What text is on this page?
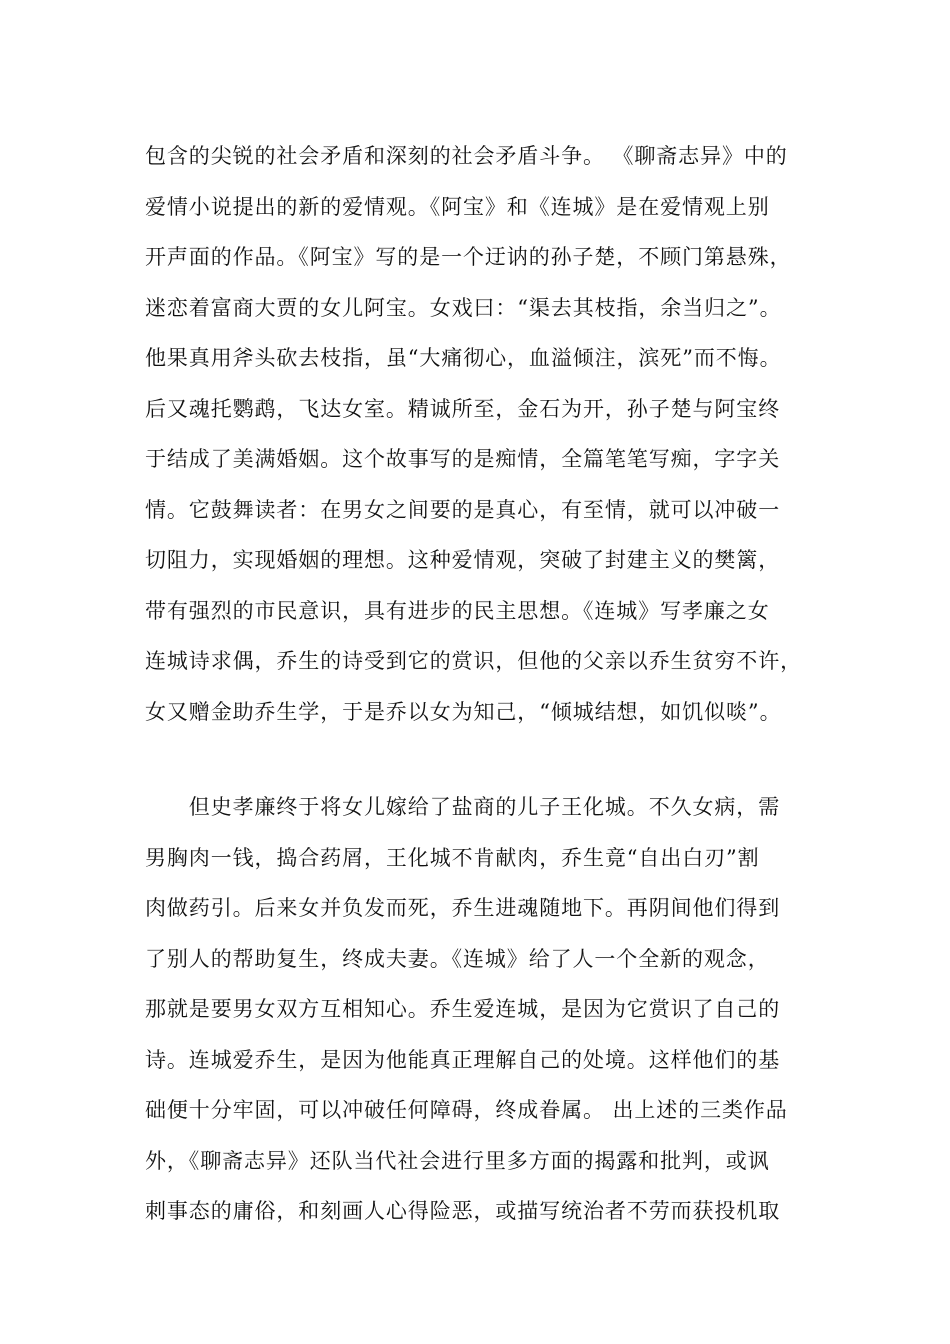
包含的尖锐的社会矛盾和深刻的社会矛盾斗争。 《聊斋志异》中的
爱情小说提出的新的爱情观。《阿宝》和《连城》是在爱情观上别
开声面的作品。《阿宝》写的是一个迂讷的孙子楚，不顾门第悬殊，
迷恋着富商大贾的女儿阿宝。女戏曰：“渠去其枝指，余当归之”。
他果真用斧头砍去枝指，虽“大痛彻心，血溢倾注，滨死”而不悔。
后又魂托鹦鹉，飞达女室。精诚所至，金石为开，孙子楚与阿宝终
于结成了美满婚姻。这个故事写的是痴情，全篇笔笔写痴，字字关
情。它鼓舞读者：在男女之间要的是真心，有至情，就可以冲破一
切阻力，实现婚姻的理想。这种爱情观，突破了封建主义的樊篱，
带有强烈的市民意识，具有进步的民主思想。《连城》写孝廉之女
连城诗求偶，乔生的诗受到它的赏识，但他的父亲以乔生贫穷不许，
女又赠金助乔生学，于是乔以女为知己，“倾城结想，如饥似啖”。
　　但史孝廉终于将女儿嫁给了盐商的儿子王化城。不久女病，需
男胸肉一钱，捣合药屑，王化城不肯献肉，乔生竟“自出白刃”割
肉做药引。后来女并负发而死，乔生进魂随地下。再阴间他们得到
了别人的帮助复生，终成夫妻。《连城》给了人一个全新的观念，
那就是要男女双方互相知心。乔生爱连城，是因为它赏识了自己的
诗。连城爱乔生，是因为他能真正理解自己的处境。这样他们的基
础便十分牢固，可以冲破任何障碍，终成眷属。 出上述的三类作品
外，《聊斋志异》还队当代社会进行里多方面的揭露和批判，或讽
刺事态的庸俗，和刻画人心得险恶，或描写统治者不劳而获投机取
